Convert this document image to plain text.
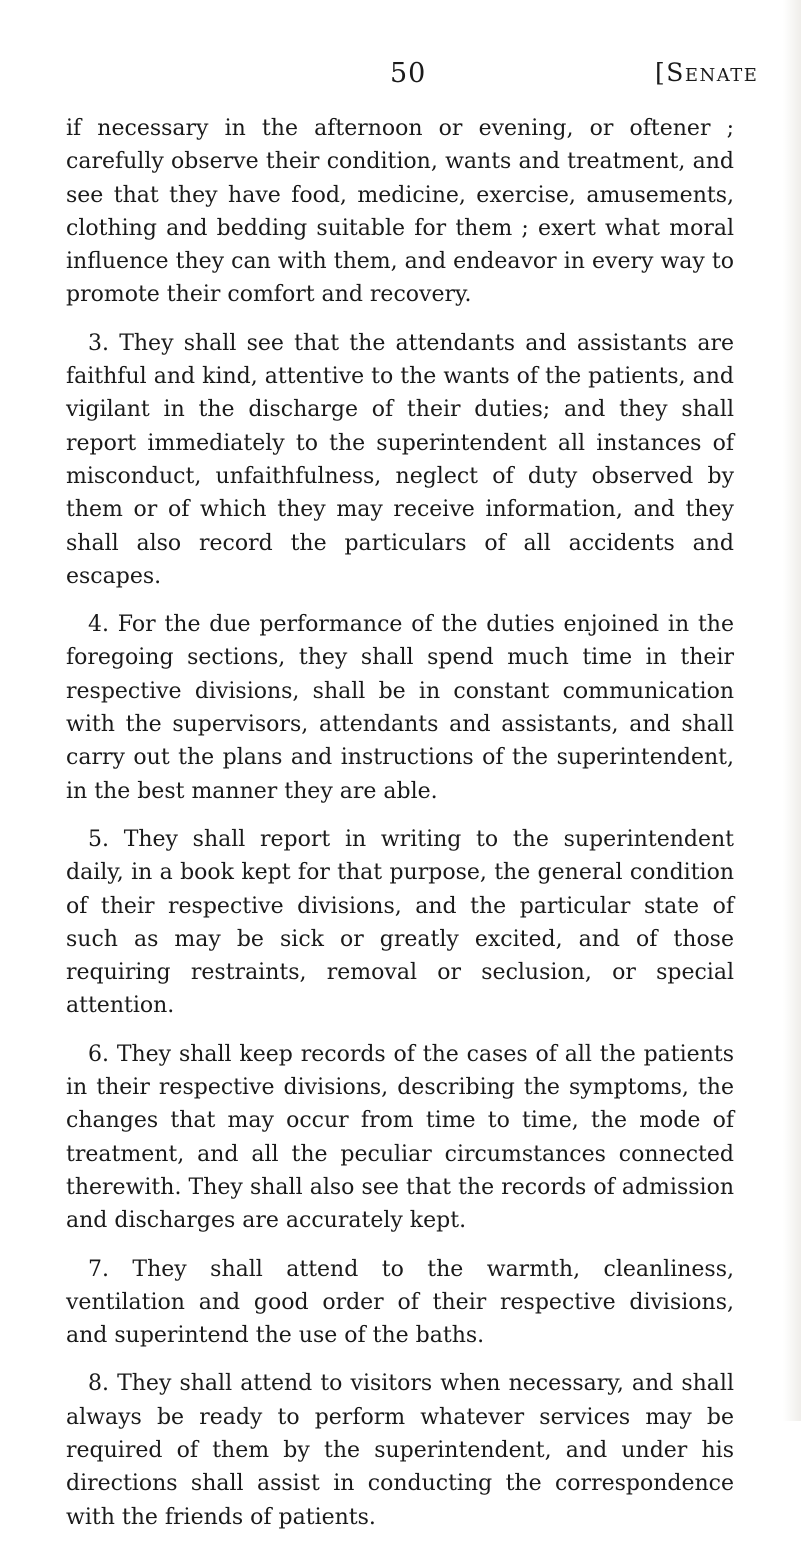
50	[Senate

if necessary in the afternoon or evening, or oftener ; carefully observe their condition, wants and treatment, and see that they have food, medicine, exercise, amusements, clothing and bedding suitable for them ; exert what moral influence they can with them, and endeavor in every way to promote their comfort and recovery.

3. They shall see that the attendants and assistants are faithful and kind, attentive to the wants of the patients, and vigilant in the discharge of their duties; and they shall report immediately to the superintendent all instances of misconduct, unfaithfulness, neglect of duty observed by them or of which they may receive information, and they shall also record the particulars of all accidents and escapes.

4. For the due performance of the duties enjoined in the foregoing sections, they shall spend much time in their respective divisions, shall be in constant communication with the supervisors, attendants and assistants, and shall carry out the plans and instructions of the superintendent, in the best manner they are able.

5. They shall report in writing to the superintendent daily, in a book kept for that purpose, the general condition of their respective divisions, and the particular state of such as may be sick or greatly excited, and of those requiring restraints, removal or seclusion, or special attention.

6. They shall keep records of the cases of all the patients in their respective divisions, describing the symptoms, the changes that may occur from time to time, the mode of treatment, and all the peculiar circumstances connected therewith. They shall also see that the records of admission and discharges are accurately kept.

7. They shall attend to the warmth, cleanliness, ventilation and good order of their respective divisions, and superintend the use of the baths.

8. They shall attend to visitors when necessary, and shall always be ready to perform whatever services may be required of them by the superintendent, and under his directions shall assist in conducting the correspondence with the friends of patients.
